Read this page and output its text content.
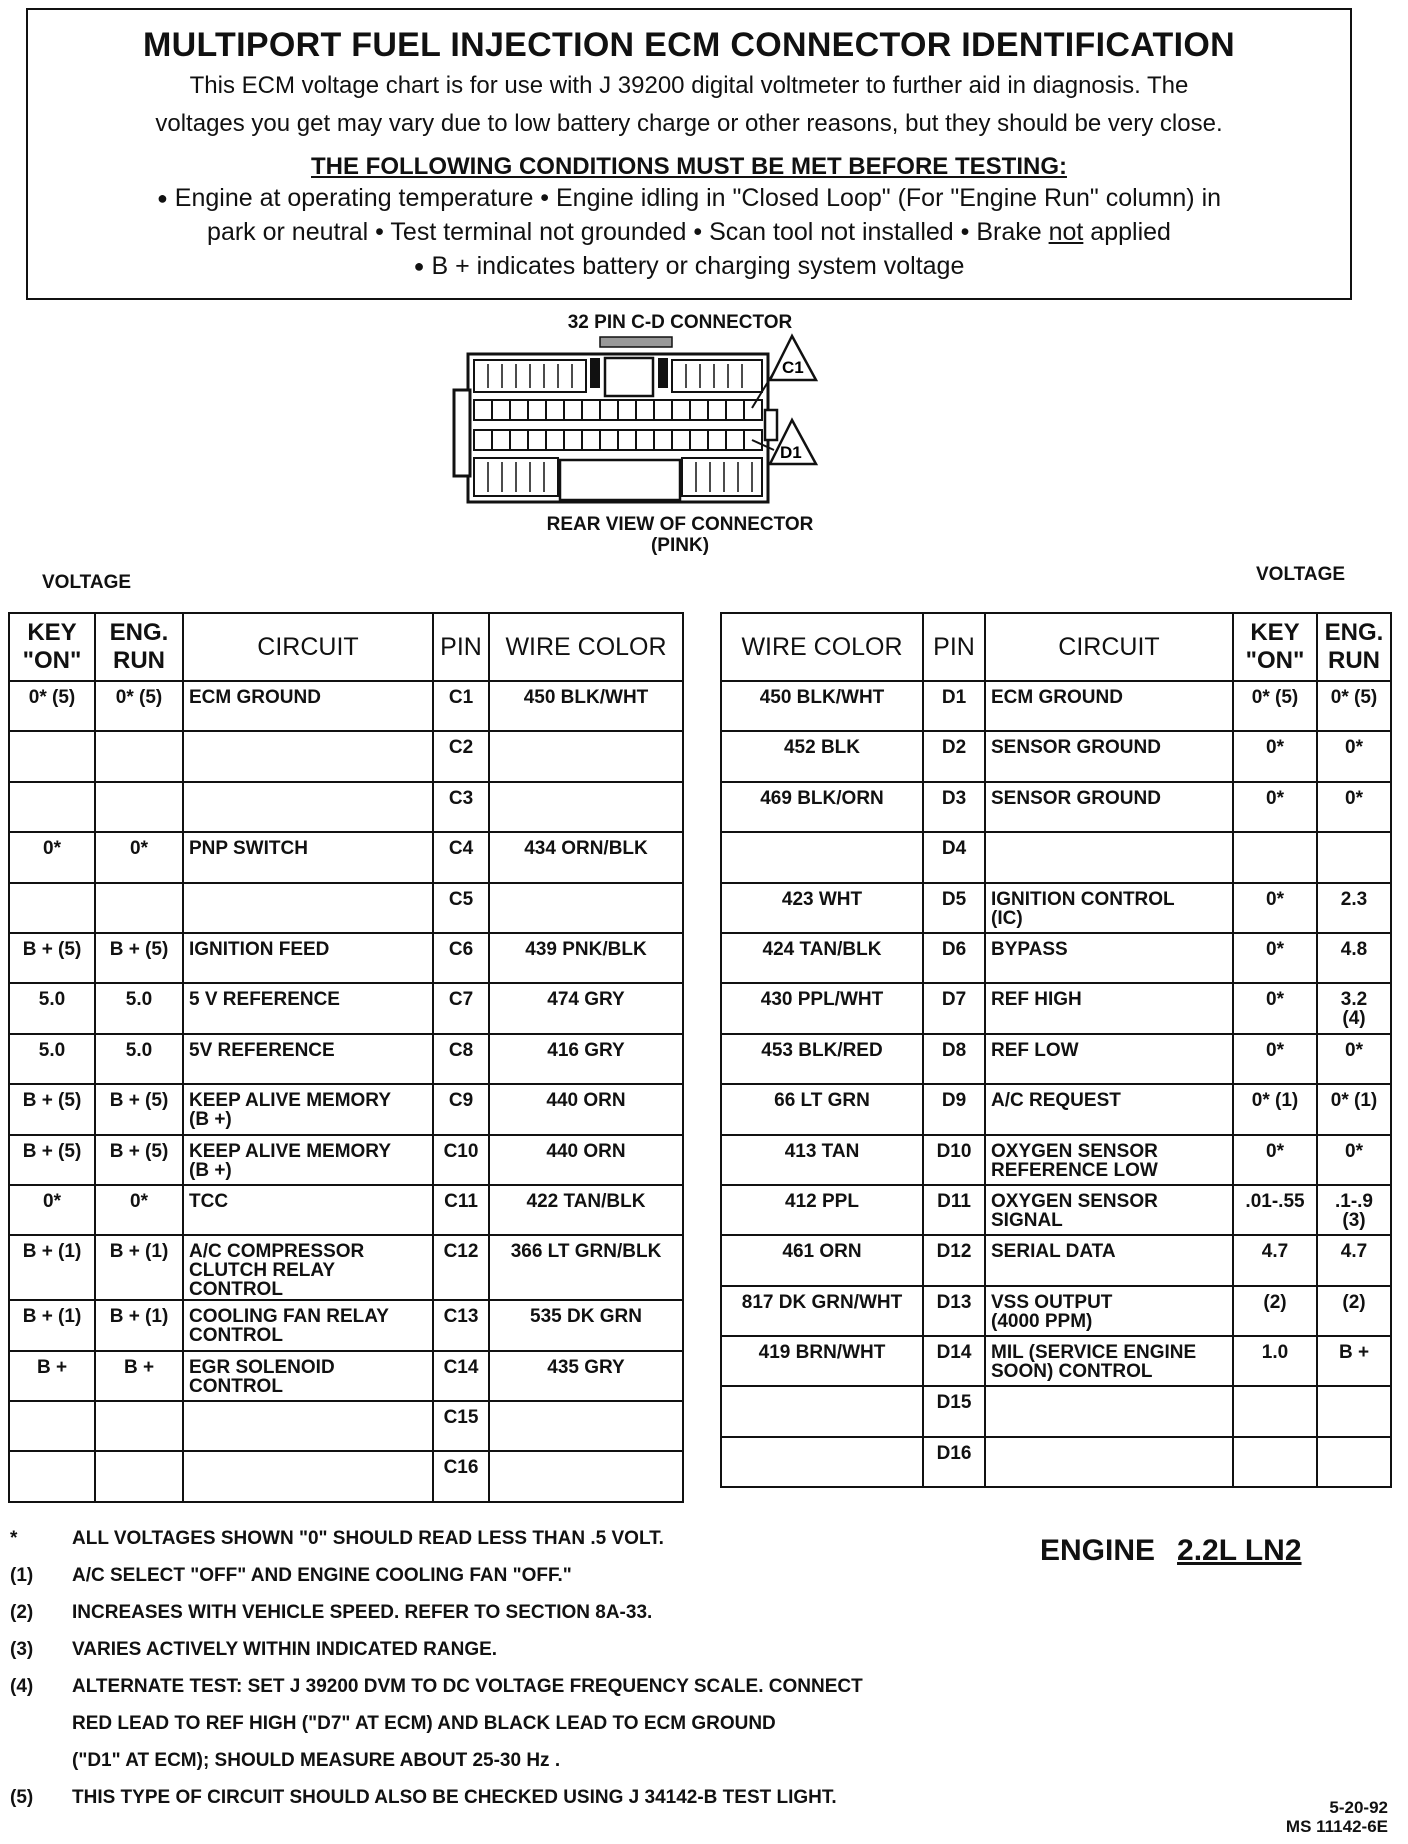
MULTIPORT FUEL INJECTION ECM CONNECTOR IDENTIFICATION
This ECM voltage chart is for use with J 39200 digital voltmeter to further aid in diagnosis. The
voltages you get may vary due to low battery charge or other reasons, but they should be very close.
THE FOLLOWING CONDITIONS MUST BE MET BEFORE TESTING:
● Engine at operating temperature • Engine idling in "Closed Loop" (For "Engine Run" column) in
park or neutral • Test terminal not grounded • Scan tool not installed • Brake not applied
● B + indicates battery or charging system voltage
32 PIN C-D CONNECTOR
C1
D1
REAR VIEW OF CONNECTOR
(PINK)
VOLTAGE	VOLTAGE
KEY
"ON"	ENG.
RUN	CIRCUIT	PIN	WIRE COLOR
0* (5)	0* (5)	ECM GROUND	C1	450 BLK/WHT
			C2	
			C3	
0*	0*	PNP SWITCH	C4	434 ORN/BLK
			C5	
B + (5)	B + (5)	IGNITION FEED	C6	439 PNK/BLK
5.0	5.0	5 V REFERENCE	C7	474 GRY
5.0	5.0	5V REFERENCE	C8	416 GRY
B + (5)	B + (5)	KEEP ALIVE MEMORY
(B +)	C9	440 ORN
B + (5)	B + (5)	KEEP ALIVE MEMORY
(B +)	C10	440 ORN
0*	0*	TCC	C11	422 TAN/BLK
B + (1)	B + (1)	A/C COMPRESSOR
CLUTCH RELAY
CONTROL	C12	366 LT GRN/BLK
B + (1)	B + (1)	COOLING FAN RELAY
CONTROL	C13	535 DK GRN
B +	B +	EGR SOLENOID
CONTROL	C14	435 GRY
			C15	
			C16	
WIRE COLOR	PIN	CIRCUIT	KEY
"ON"	ENG.
RUN
450 BLK/WHT	D1	ECM GROUND	0* (5)	0* (5)
452 BLK	D2	SENSOR GROUND	0*	0*
469 BLK/ORN	D3	SENSOR GROUND	0*	0*
	D4			
423 WHT	D5	IGNITION CONTROL
(IC)	0*	2.3
424 TAN/BLK	D6	BYPASS	0*	4.8
430 PPL/WHT	D7	REF HIGH	0*	3.2
(4)
453 BLK/RED	D8	REF LOW	0*	0*
66 LT GRN	D9	A/C REQUEST	0* (1)	0* (1)
413 TAN	D10	OXYGEN SENSOR
REFERENCE LOW	0*	0*
412 PPL	D11	OXYGEN SENSOR
SIGNAL	.01-.55	.1-.9
(3)
461 ORN	D12	SERIAL DATA	4.7	4.7
817 DK GRN/WHT	D13	VSS OUTPUT
(4000 PPM)	(2)	(2)
419 BRN/WHT	D14	MIL (SERVICE ENGINE
SOON) CONTROL	1.0	B +
	D15			
	D16			
*	ALL VOLTAGES SHOWN "0" SHOULD READ LESS THAN .5 VOLT.
(1)	A/C SELECT "OFF" AND ENGINE COOLING FAN "OFF."
(2)	INCREASES WITH VEHICLE SPEED. REFER TO SECTION 8A-33.
(3)	VARIES ACTIVELY WITHIN INDICATED RANGE.
(4)	ALTERNATE TEST: SET J 39200 DVM TO DC VOLTAGE FREQUENCY SCALE. CONNECT
RED LEAD TO REF HIGH ("D7" AT ECM) AND BLACK LEAD TO ECM GROUND
("D1" AT ECM); SHOULD MEASURE ABOUT 25-30 Hz .
(5)	THIS TYPE OF CIRCUIT SHOULD ALSO BE CHECKED USING J 34142-B TEST LIGHT.
ENGINE 2.2L LN2
5-20-92
MS 11142-6E
